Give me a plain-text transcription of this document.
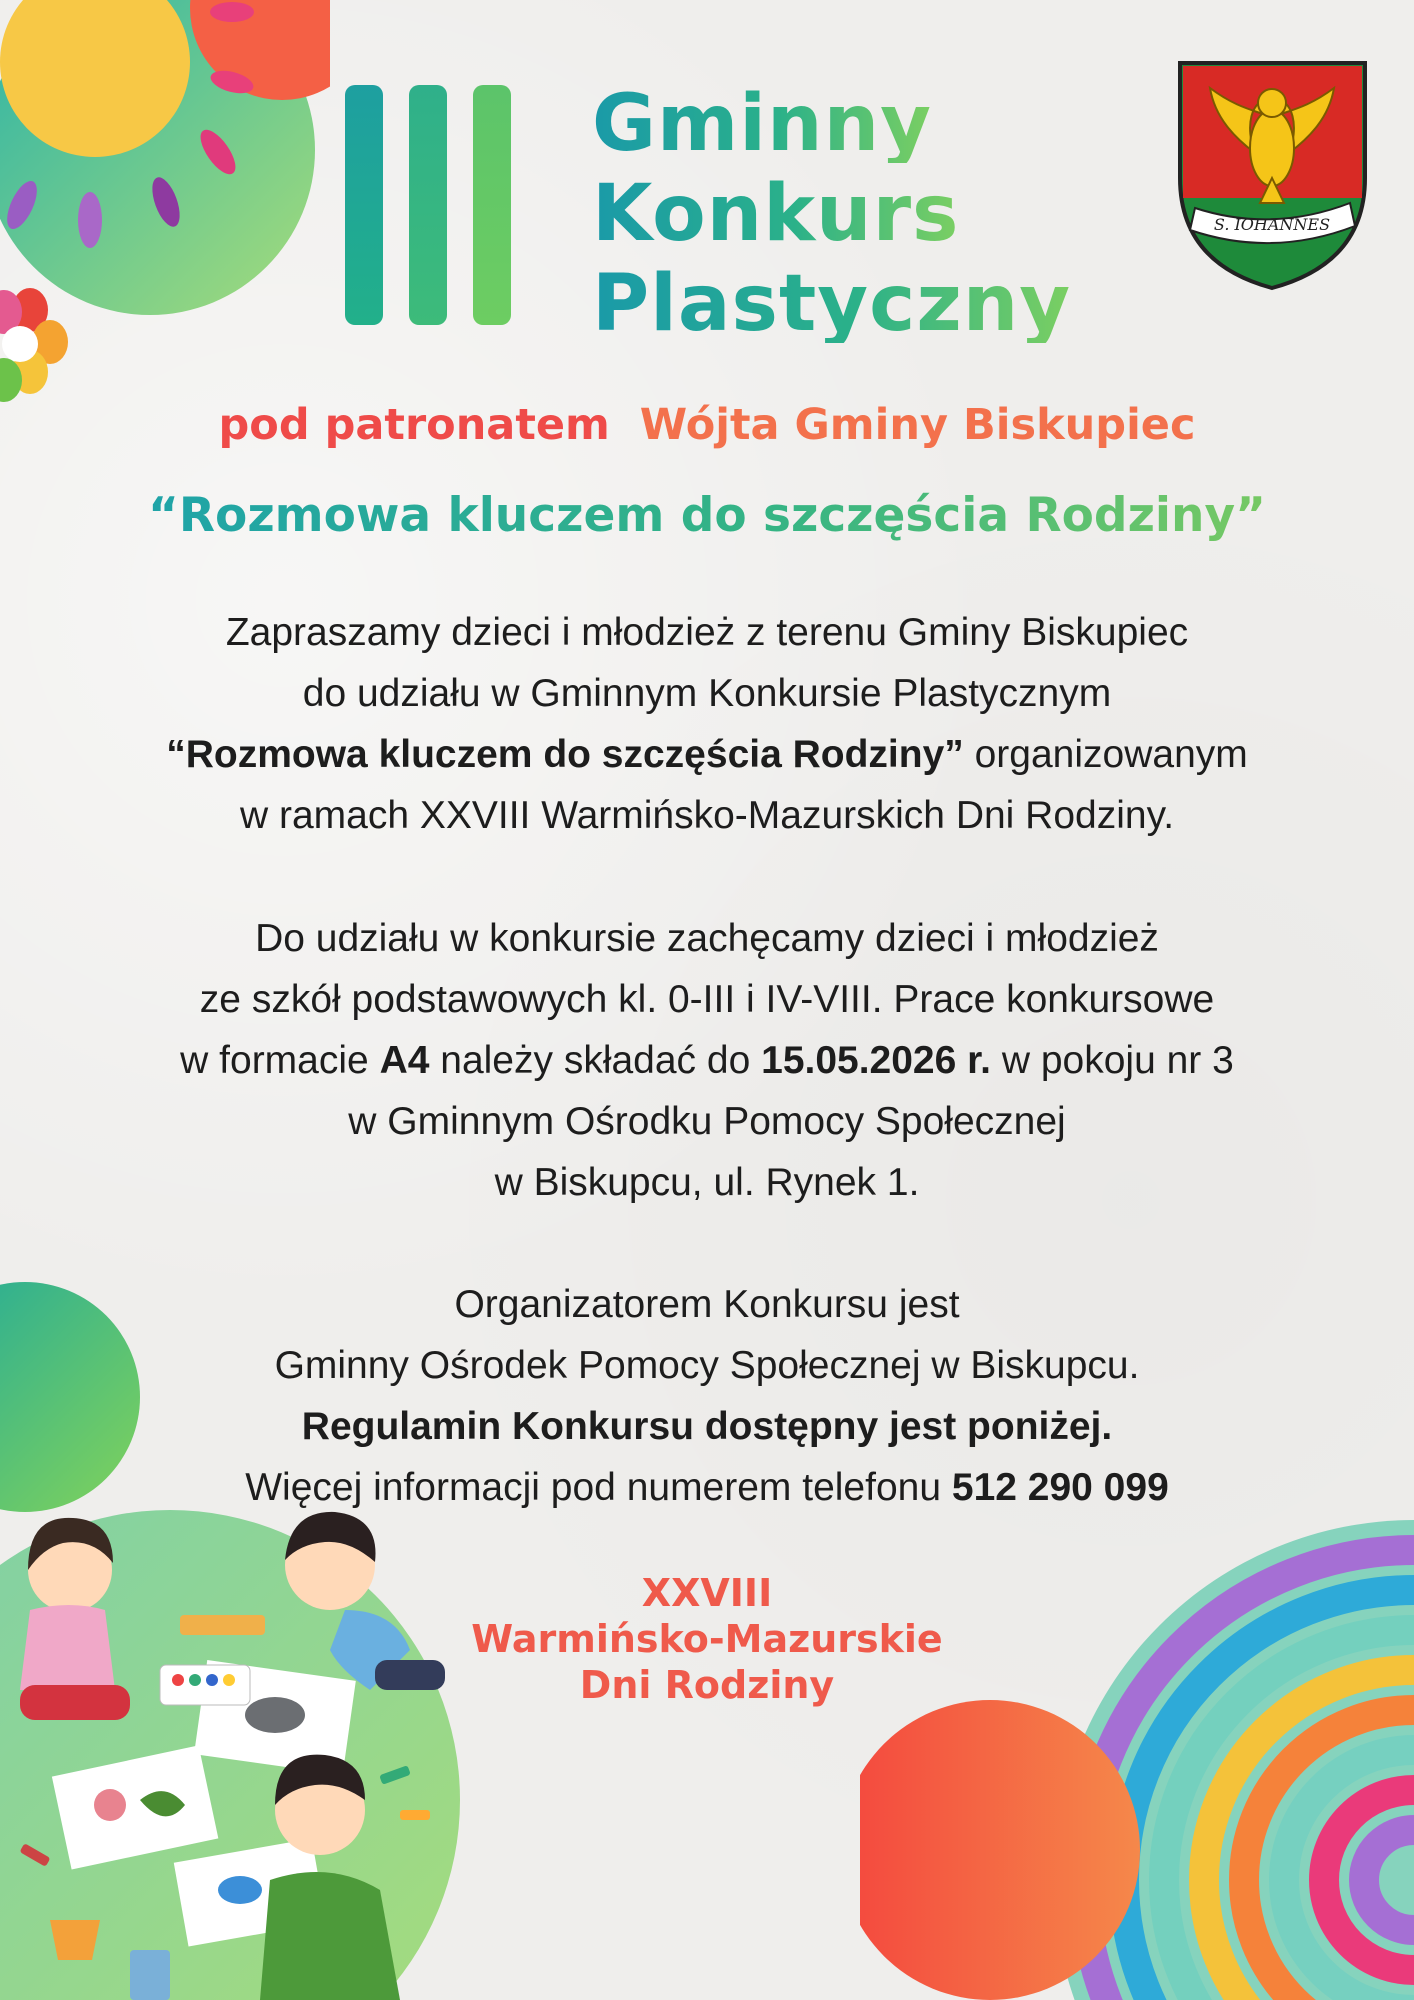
Gminny
Konkurs
Plastyczny
S. IOHANNES
pod patronatem Wójta Gminy Biskupiec
“Rozmowa kluczem do szczęścia Rodziny”
Zapraszamy dzieci i młodzież z terenu Gminy Biskupiec
do udziału w Gminnym Konkursie Plastycznym
“Rozmowa kluczem do szczęścia Rodziny” organizowanym
w ramach XXVIII Warmińsko-Mazurskich Dni Rodziny.
Do udziału w konkursie zachęcamy dzieci i młodzież
ze szkół podstawowych kl. 0-III i IV-VIII. Prace konkursowe
w formacie A4 należy składać do 15.05.2026 r. w pokoju nr 3
w Gminnym Ośrodku Pomocy Społecznej
w Biskupcu, ul. Rynek 1.
Organizatorem Konkursu jest
Gminny Ośrodek Pomocy Społecznej w Biskupcu.
Regulamin Konkursu dostępny jest poniżej.
Więcej informacji pod numerem telefonu 512 290 099
XXVIII
Warmińsko-Mazurskie
Dni Rodziny
